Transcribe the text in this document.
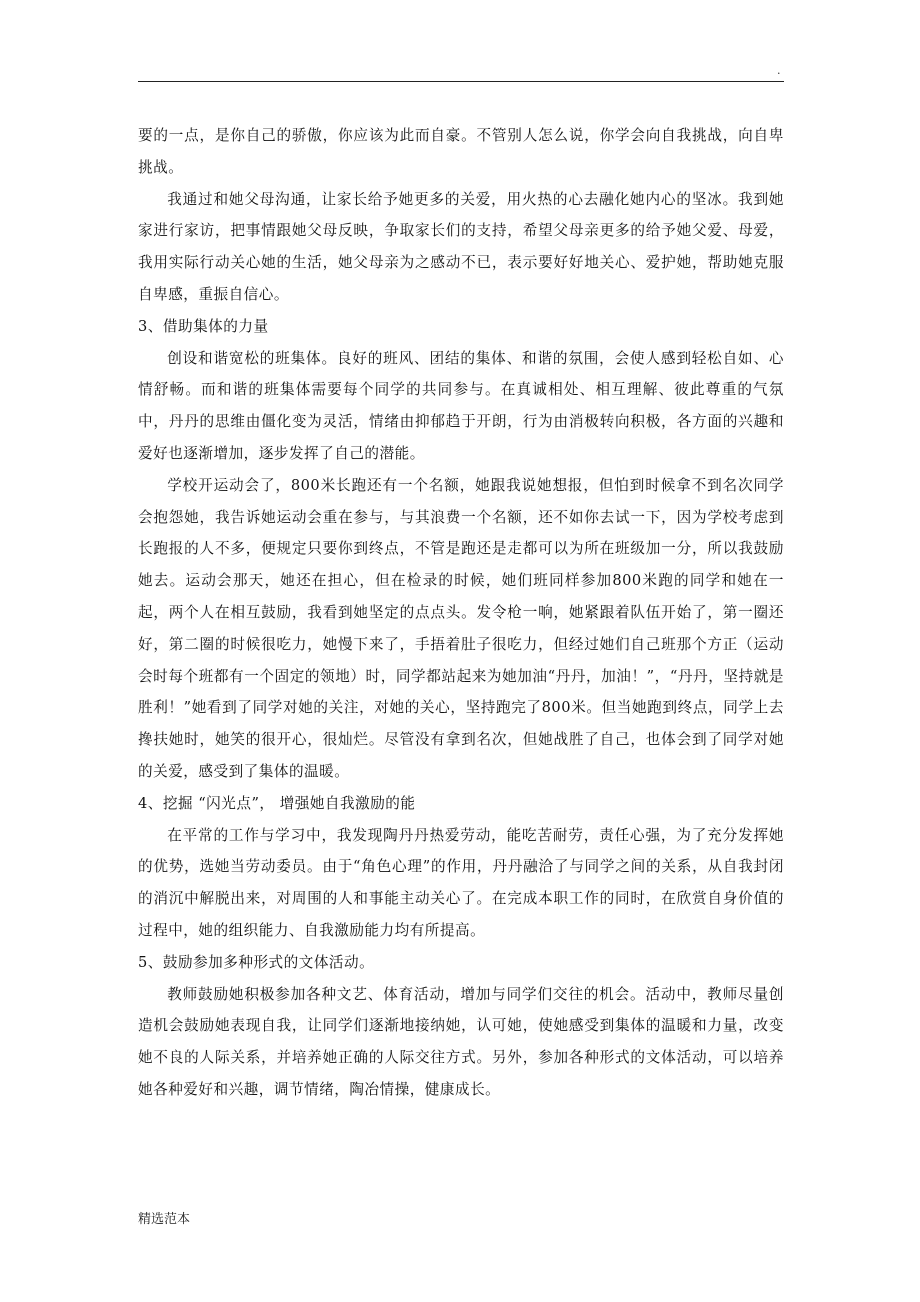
.

要的一点，是你自己的骄傲，你应该为此而自豪。不管别人怎么说，你学会向自我挑战，向自卑挑战。

我通过和她父母沟通，让家长给予她更多的关爱，用火热的心去融化她内心的坚冰。我到她家进行家访，把事情跟她父母反映，争取家长们的支持，希望父母亲更多的给予她父爱、母爱，我用实际行动关心她的生活，她父母亲为之感动不已，表示要好好地关心、爱护她，帮助她克服自卑感，重振自信心。

3、借助集体的力量

创设和谐宽松的班集体。良好的班风、团结的集体、和谐的氛围，会使人感到轻松自如、心情舒畅。而和谐的班集体需要每个同学的共同参与。在真诚相处、相互理解、彼此尊重的气氛中，丹丹的思维由僵化变为灵活，情绪由抑郁趋于开朗，行为由消极转向积极，各方面的兴趣和爱好也逐渐增加，逐步发挥了自己的潜能。

学校开运动会了，800米长跑还有一个名额，她跟我说她想报，但怕到时候拿不到名次同学会抱怨她，我告诉她运动会重在参与，与其浪费一个名额，还不如你去试一下，因为学校考虑到长跑报的人不多，便规定只要你到终点，不管是跑还是走都可以为所在班级加一分，所以我鼓励她去。运动会那天，她还在担心，但在检录的时候，她们班同样参加800米跑的同学和她在一起，两个人在相互鼓励，我看到她坚定的点点头。发令枪一响，她紧跟着队伍开始了，第一圈还好，第二圈的时候很吃力，她慢下来了，手捂着肚子很吃力，但经过她们自己班那个方正（运动会时每个班都有一个固定的领地）时，同学都站起来为她加油“丹丹，加油！”，“丹丹，坚持就是胜利！”她看到了同学对她的关注，对她的关心，坚持跑完了800米。但当她跑到终点，同学上去搀扶她时，她笑的很开心，很灿烂。尽管没有拿到名次，但她战胜了自己，也体会到了同学对她的关爱，感受到了集体的温暖。

4、挖掘 “闪光点”， 增强她自我激励的能

在平常的工作与学习中，我发现陶丹丹热爱劳动，能吃苦耐劳，责任心强，为了充分发挥她的优势，选她当劳动委员。由于“角色心理”的作用，丹丹融洽了与同学之间的关系，从自我封闭的消沉中解脱出来，对周围的人和事能主动关心了。在完成本职工作的同时，在欣赏自身价值的过程中，她的组织能力、自我激励能力均有所提高。

5、鼓励参加多种形式的文体活动。

教师鼓励她积极参加各种文艺、体育活动，增加与同学们交往的机会。活动中，教师尽量创造机会鼓励她表现自我，让同学们逐渐地接纳她，认可她，使她感受到集体的温暖和力量，改变她不良的人际关系，并培养她正确的人际交往方式。另外，参加各种形式的文体活动，可以培养她各种爱好和兴趣，调节情绪，陶冶情操，健康成长。

精选范本
